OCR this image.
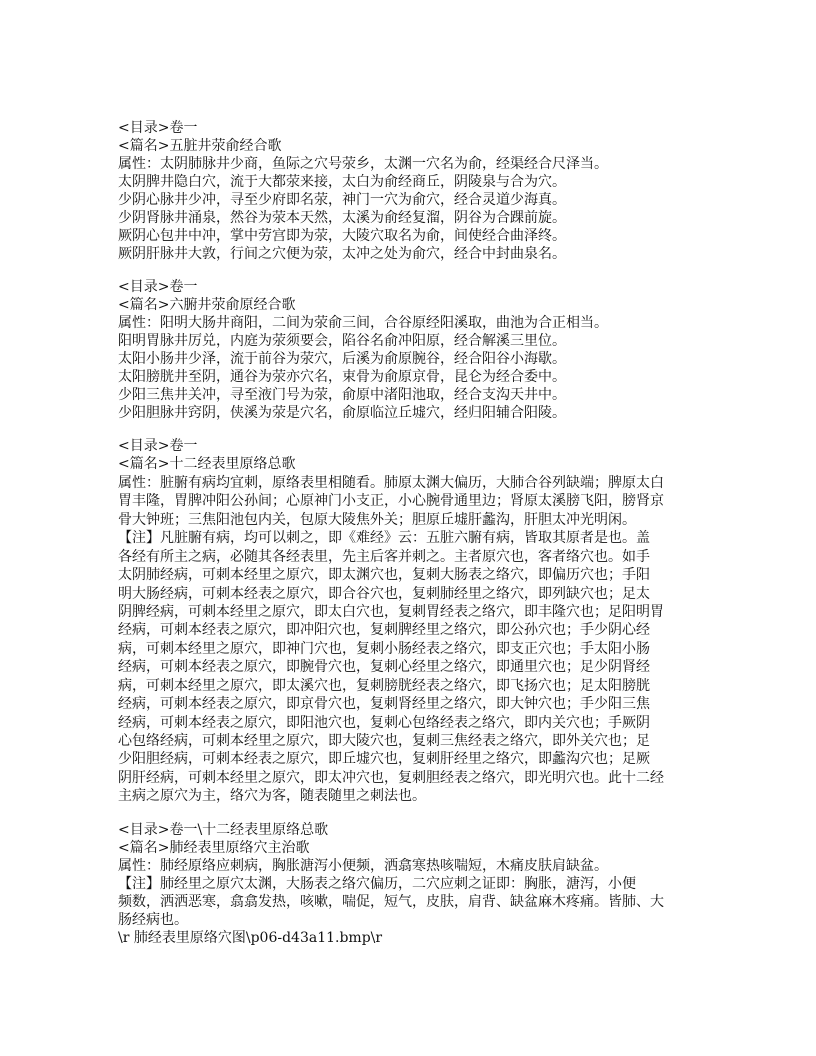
<目录>卷一
<篇名>五脏井荥俞经合歌
属性：太阴肺脉井少商，鱼际之穴号荥乡，太渊一穴名为俞，经渠经合尺泽当。
太阴脾井隐白穴，流于大都荥来接，太白为俞经商丘，阴陵泉与合为穴。
少阴心脉井少冲，寻至少府即名荥，神门一穴为俞穴，经合灵道少海真。
少阴肾脉井涌泉，然谷为荥本天然，太溪为俞经复溜，阴谷为合踝前旋。
厥阴心包井中冲，掌中劳宫即为荥，大陵穴取名为俞，间使经合曲泽终。
厥阴肝脉井大敦，行间之穴便为荥，太冲之处为俞穴，经合中封曲泉名。
<目录>卷一
<篇名>六腑井荥俞原经合歌
属性：阳明大肠井商阳，二间为荥俞三间，合谷原经阳溪取，曲池为合正相当。
阳明胃脉井厉兑，内庭为荥须要会，陷谷名俞冲阳原，经合解溪三里位。
太阳小肠井少泽，流于前谷为荥穴，后溪为俞原腕谷，经合阳谷小海歇。
太阳膀胱井至阴，通谷为荥亦穴名，束骨为俞原京骨，昆仑为经合委中。
少阳三焦井关冲，寻至液门号为荥，俞原中渚阳池取，经合支沟天井中。
少阳胆脉井窍阴，侠溪为荥是穴名，俞原临泣丘墟穴，经归阳辅合阳陵。
<目录>卷一
<篇名>十二经表里原络总歌
属性：脏腑有病均宜刺，原络表里相随看。肺原太渊大偏历，大肺合谷列缺端；脾原太白
胃丰隆，胃脾冲阳公孙间；心原神门小支正，小心腕骨通里边；肾原太溪膀飞阳，膀肾京
骨大钟班；三焦阳池包内关，包原大陵焦外关；胆原丘墟肝蠡沟，肝胆太冲光明闲。
【注】凡脏腑有病，均可以刺之，即《难经》云：五脏六腑有病，皆取其原者是也。盖
各经有所主之病，必随其各经表里，先主后客并刺之。主者原穴也，客者络穴也。如手
太阴肺经病，可刺本经里之原穴，即太渊穴也，复刺大肠表之络穴，即偏历穴也；手阳
明大肠经病，可刺本经表之原穴，即合谷穴也，复刺肺经里之络穴，即列缺穴也；足太
阴脾经病，可刺本经里之原穴，即太白穴也，复刺胃经表之络穴，即丰隆穴也；足阳明胃
经病，可刺本经表之原穴，即冲阳穴也，复刺脾经里之络穴，即公孙穴也；手少阴心经
病，可刺本经里之原穴，即神门穴也，复刺小肠经表之络穴，即支正穴也；手太阳小肠
经病，可刺本经表之原穴，即腕骨穴也，复刺心经里之络穴，即通里穴也；足少阴肾经
病，可刺本经里之原穴，即太溪穴也，复刺膀胱经表之络穴，即飞扬穴也；足太阳膀胱
经病，可刺本经表之原穴，即京骨穴也，复刺肾经里之络穴，即大钟穴也；手少阳三焦
经病，可刺本经表之原穴，即阳池穴也，复刺心包络经表之络穴，即内关穴也；手厥阴
心包络经病，可刺本经里之原穴，即大陵穴也，复刺三焦经表之络穴，即外关穴也；足
少阳胆经病，可刺本经表之原穴，即丘墟穴也，复刺肝经里之络穴，即蠡沟穴也；足厥
阴肝经病，可刺本经里之原穴，即太冲穴也，复刺胆经表之络穴，即光明穴也。此十二经
主病之原穴为主，络穴为客，随表随里之刺法也。
<目录>卷一\十二经表里原络总歌
<篇名>肺经表里原络穴主治歌
属性：肺经原络应刺病，胸胀溏泻小便频，洒翕寒热咳喘短，木痛皮肤肩缺盆。
【注】肺经里之原穴太渊，大肠表之络穴偏历，二穴应刺之证即：胸胀，溏泻，小便
频数，洒洒恶寒，翕翕发热，咳嗽，喘促，短气，皮肤，肩背、缺盆麻木疼痛。皆肺、大
肠经病也。
\r 肺经表里原络穴图\p06-d43a11.bmp\r
